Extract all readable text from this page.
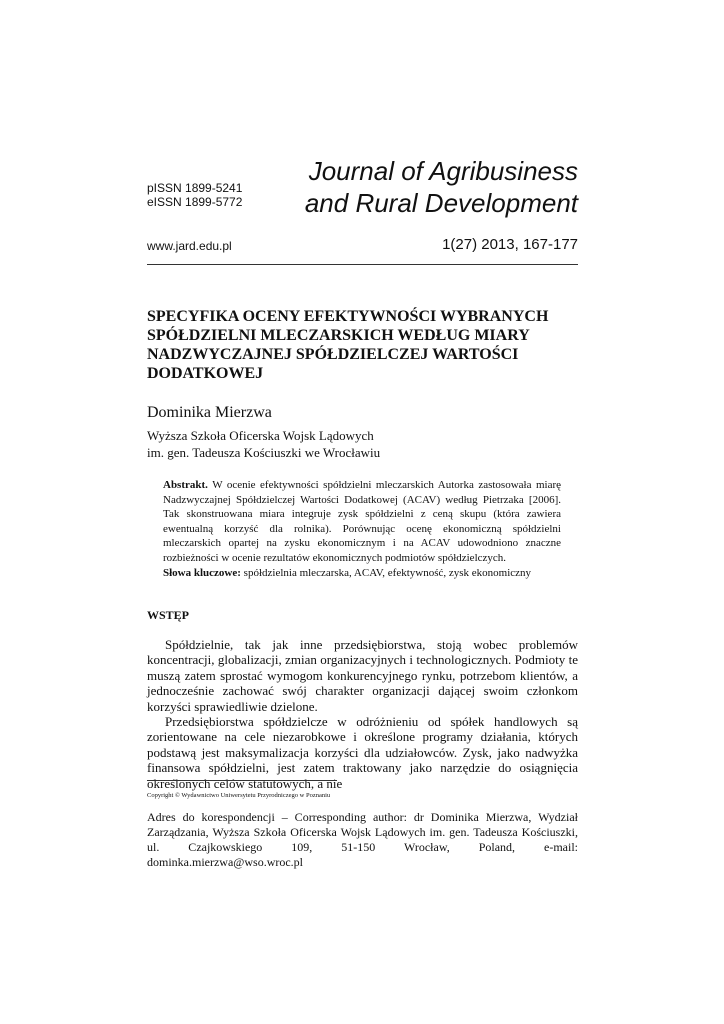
pISSN 1899-5241
eISSN 1899-5772
Journal of Agribusiness
and Rural Development
www.jard.edu.pl	1(27) 2013, 167-177
SPECYFIKA OCENY EFEKTYWNOŚCI WYBRANYCH SPÓŁDZIELNI MLECZARSKICH WEDŁUG MIARY NADZWYCZAJNEJ SPÓŁDZIELCZEJ WARTOŚCI DODATKOWEJ
Dominika Mierzwa
Wyższa Szkoła Oficerska Wojsk Lądowych
im. gen. Tadeusza Kościuszki we Wrocławiu
Abstrakt. W ocenie efektywności spółdzielni mleczarskich Autorka zastosowała miarę Nadzwyczajnej Spółdzielczej Wartości Dodatkowej (ACAV) według Pietrzaka [2006]. Tak skonstruowana miara integruje zysk spółdzielni z ceną skupu (która zawiera ewentualną korzyść dla rolnika). Porównując ocenę ekonomiczną spółdzielni mleczarskich opartej na zysku ekonomicznym i na ACAV udowodniono znaczne rozbieżności w ocenie rezultatów ekonomicznych podmiotów spółdzielczych.
Słowa kluczowe: spółdzielnia mleczarska, ACAV, efektywność, zysk ekonomiczny
WSTĘP

Spółdzielnie, tak jak inne przedsiębiorstwa, stoją wobec problemów koncentracji, globalizacji, zmian organizacyjnych i technologicznych. Podmioty te muszą zatem sprostać wymogom konkurencyjnego rynku, potrzebom klientów, a jednocześnie zachować swój charakter organizacji dającej swoim członkom korzyści sprawiedliwie dzielone.

Przedsiębiorstwa spółdzielcze w odróżnieniu od spółek handlowych są zorientowane na cele niezarobkowe i określone programy działania, których podstawą jest maksymalizacja korzyści dla udziałowców. Zysk, jako nadwyżka finansowa spółdzielni, jest zatem traktowany jako narzędzie do osiągnięcia określonych celów statutowych, a nie

Copyright © Wydawnictwo Uniwersytetu Przyrodniczego w Poznaniu
Adres do korespondencji – Corresponding author: dr Dominika Mierzwa, Wydział Zarządzania, Wyższa Szkoła Oficerska Wojsk Lądowych im. gen. Tadeusza Kościuszki, ul. Czajkowskiego 109, 51-150 Wrocław, Poland, e-mail: dominka.mierzwa@wso.wroc.pl
